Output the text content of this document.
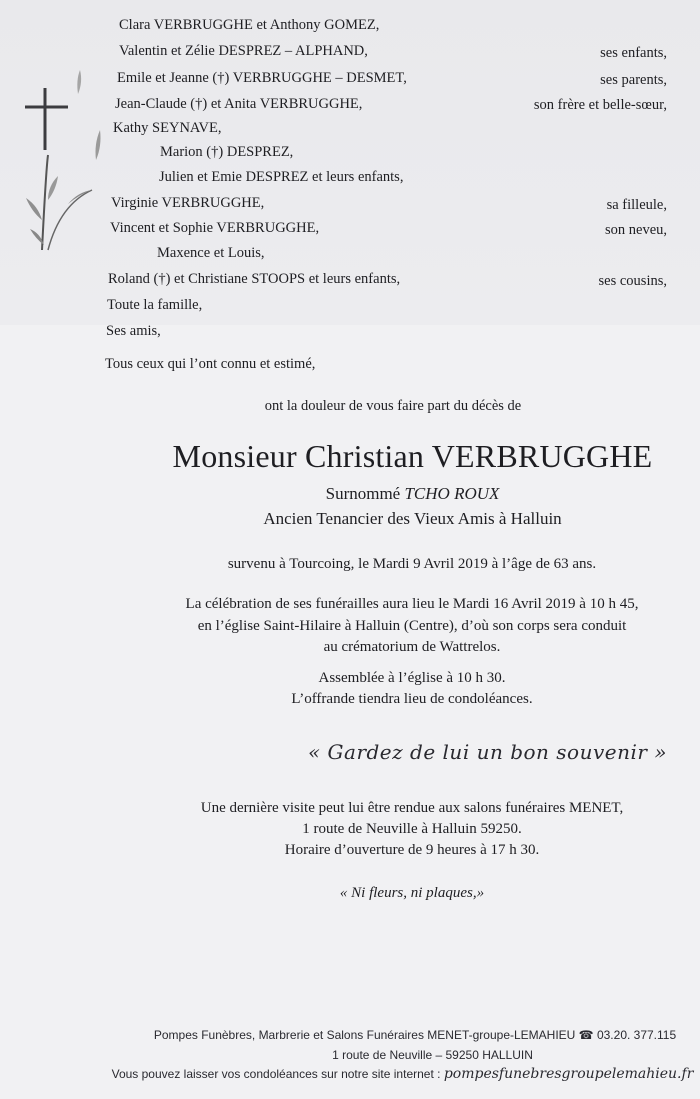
Clara VERBRUGGHE et Anthony GOMEZ,
Valentin et Zélie DESPREZ – ALPHAND,	ses enfants,
Emile et Jeanne (†) VERBRUGGHE – DESMET,	ses parents,
Jean-Claude (†) et Anita VERBRUGGHE,	son frère et belle-sœur,
Kathy SEYNAVE,
Marion (†) DESPREZ,
Julien et Emie DESPREZ et leurs enfants,
Virginie VERBRUGGHE,	sa filleule,
Vincent et Sophie VERBRUGGHE,	son neveu,
Maxence et Louis,
Roland (†) et Christiane STOOPS et leurs enfants,	ses cousins,
Toute la famille,
Ses amis,
Tous ceux qui l’ont connu et estimé,
ont la douleur de vous faire part du décès de
Monsieur Christian VERBRUGGHE
Surnommé TCHO ROUX
Ancien Tenancier des Vieux Amis à Halluin
survenu à Tourcoing, le Mardi 9 Avril 2019 à l’âge de 63 ans.
La célébration de ses funérailles aura lieu le Mardi 16 Avril 2019 à 10 h 45,
en l’église Saint-Hilaire à Halluin (Centre), d’où son corps sera conduit
au crématorium de Wattrelos.
Assemblée à l’église à 10 h 30.
L’offrande tiendra lieu de condoléances.
« Gardez de lui un bon souvenir »
Une dernière visite peut lui être rendue aux salons funéraires MENET,
1 route de Neuville à Halluin 59250.
Horaire d’ouverture de 9 heures à 17 h 30.
« Ni fleurs, ni plaques,»
Pompes Funèbres, Marbrerie et Salons Funéraires MENET-groupe-LEMAHIEU ☎ 03.20. 377.115
1 route de Neuville – 59250 HALLUIN
Vous pouvez laisser vos condoléances sur notre site internet : pompesfunebresgroupelemahieu.fr
